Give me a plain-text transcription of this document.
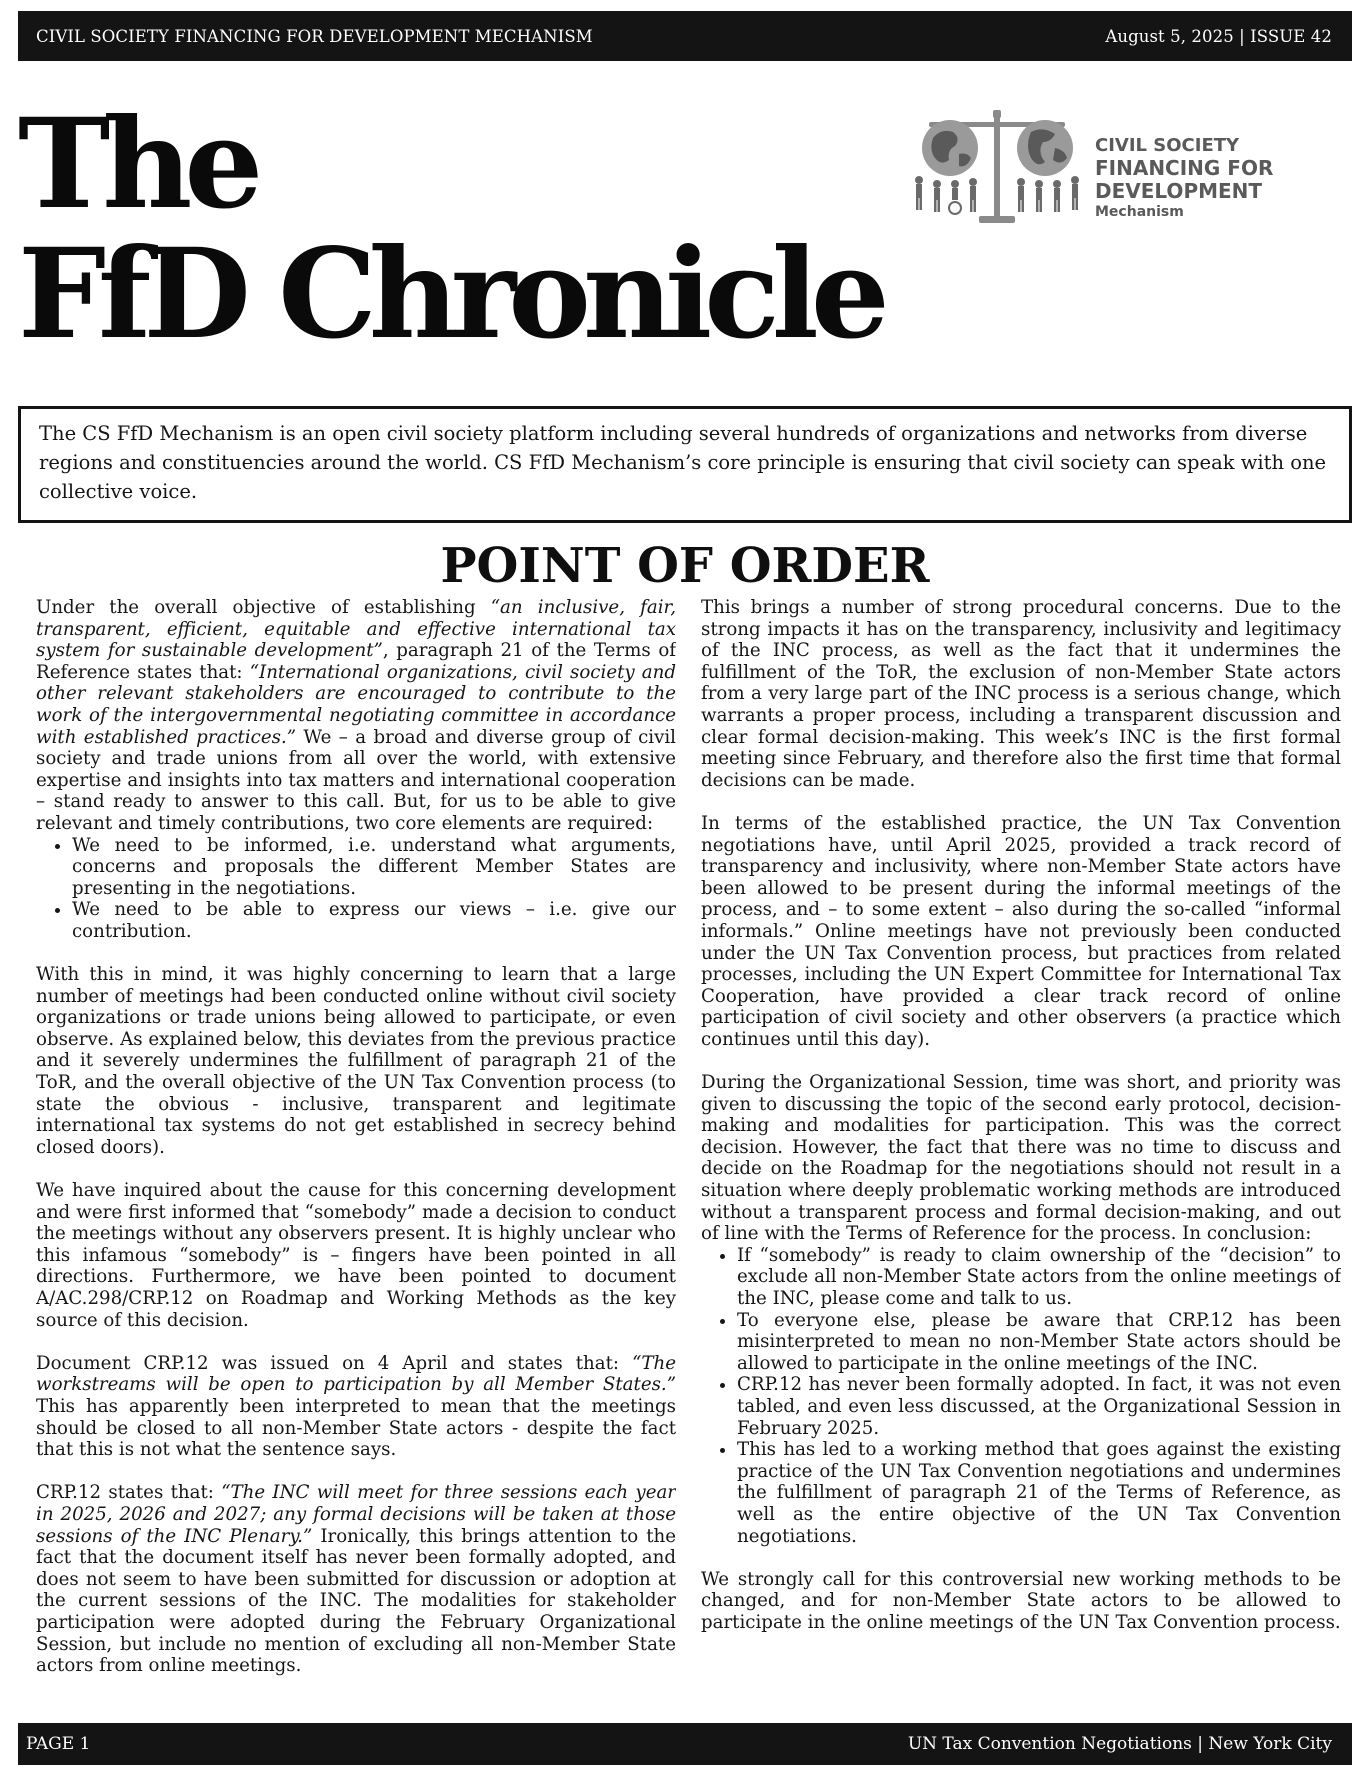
CIVIL SOCIETY FINANCING FOR DEVELOPMENT MECHANISM	August 5, 2025 | ISSUE 42
The
FfD Chronicle
CIVIL SOCIETY
FINANCING FOR
DEVELOPMENT
Mechanism
The CS FfD Mechanism is an open civil society platform including several hundreds of organizations and networks from diverse regions and constituencies around the world. CS FfD Mechanism’s core principle is ensuring that civil society can speak with one collective voice.
POINT OF ORDER

Under the overall objective of establishing “an inclusive, fair, transparent, efficient, equitable and effective international tax system for sustainable development”, paragraph 21 of the Terms of Reference states that: “International organizations, civil society and other relevant stakeholders are encouraged to contribute to the work of the intergovernmental negotiating committee in accordance with established practices.” We – a broad and diverse group of civil society and trade unions from all over the world, with extensive expertise and insights into tax matters and international cooperation – stand ready to answer to this call. But, for us to be able to give relevant and timely contributions, two core elements are required:

• We need to be informed, i.e. understand what arguments, concerns and proposals the different Member States are presenting in the negotiations.
• We need to be able to express our views – i.e. give our contribution.

With this in mind, it was highly concerning to learn that a large number of meetings had been conducted online without civil society organizations or trade unions being allowed to participate, or even observe. As explained below, this deviates from the previous practice and it severely undermines the fulfillment of paragraph 21 of the ToR, and the overall objective of the UN Tax Convention process (to state the obvious - inclusive, transparent and legitimate international tax systems do not get established in secrecy behind closed doors).

We have inquired about the cause for this concerning development and were first informed that “somebody” made a decision to conduct the meetings without any observers present. It is highly unclear who this infamous “somebody” is – fingers have been pointed in all directions. Furthermore, we have been pointed to document A/AC.298/CRP.12 on Roadmap and Working Methods as the key source of this decision.

Document CRP.12 was issued on 4 April and states that: “The workstreams will be open to participation by all Member States.” This has apparently been interpreted to mean that the meetings should be closed to all non-Member State actors - despite the fact that this is not what the sentence says.

CRP.12 states that: “The INC will meet for three sessions each year in 2025, 2026 and 2027; any formal decisions will be taken at those sessions of the INC Plenary.” Ironically, this brings attention to the fact that the document itself has never been formally adopted, and does not seem to have been submitted for discussion or adoption at the current sessions of the INC. The modalities for stakeholder participation were adopted during the February Organizational Session, but include no mention of excluding all non-Member State actors from online meetings.

This brings a number of strong procedural concerns. Due to the strong impacts it has on the transparency, inclusivity and legitimacy of the INC process, as well as the fact that it undermines the fulfillment of the ToR, the exclusion of non-Member State actors from a very large part of the INC process is a serious change, which warrants a proper process, including a transparent discussion and clear formal decision-making. This week’s INC is the first formal meeting since February, and therefore also the first time that formal decisions can be made.

In terms of the established practice, the UN Tax Convention negotiations have, until April 2025, provided a track record of transparency and inclusivity, where non-Member State actors have been allowed to be present during the informal meetings of the process, and – to some extent – also during the so-called “informal informals.” Online meetings have not previously been conducted under the UN Tax Convention process, but practices from related processes, including the UN Expert Committee for International Tax Cooperation, have provided a clear track record of online participation of civil society and other observers (a practice which continues until this day).

During the Organizational Session, time was short, and priority was given to discussing the topic of the second early protocol, decision-making and modalities for participation. This was the correct decision. However, the fact that there was no time to discuss and decide on the Roadmap for the negotiations should not result in a situation where deeply problematic working methods are introduced without a transparent process and formal decision-making, and out of line with the Terms of Reference for the process. In conclusion:

• If “somebody” is ready to claim ownership of the “decision” to exclude all non-Member State actors from the online meetings of the INC, please come and talk to us.
• To everyone else, please be aware that CRP.12 has been misinterpreted to mean no non-Member State actors should be allowed to participate in the online meetings of the INC.
• CRP.12 has never been formally adopted. In fact, it was not even tabled, and even less discussed, at the Organizational Session in February 2025.
• This has led to a working method that goes against the existing practice of the UN Tax Convention negotiations and undermines the fulfillment of paragraph 21 of the Terms of Reference, as well as the entire objective of the UN Tax Convention negotiations.

We strongly call for this controversial new working methods to be changed, and for non-Member State actors to be allowed to participate in the online meetings of the UN Tax Convention process.

PAGE 1	UN Tax Convention Negotiations | New York City
